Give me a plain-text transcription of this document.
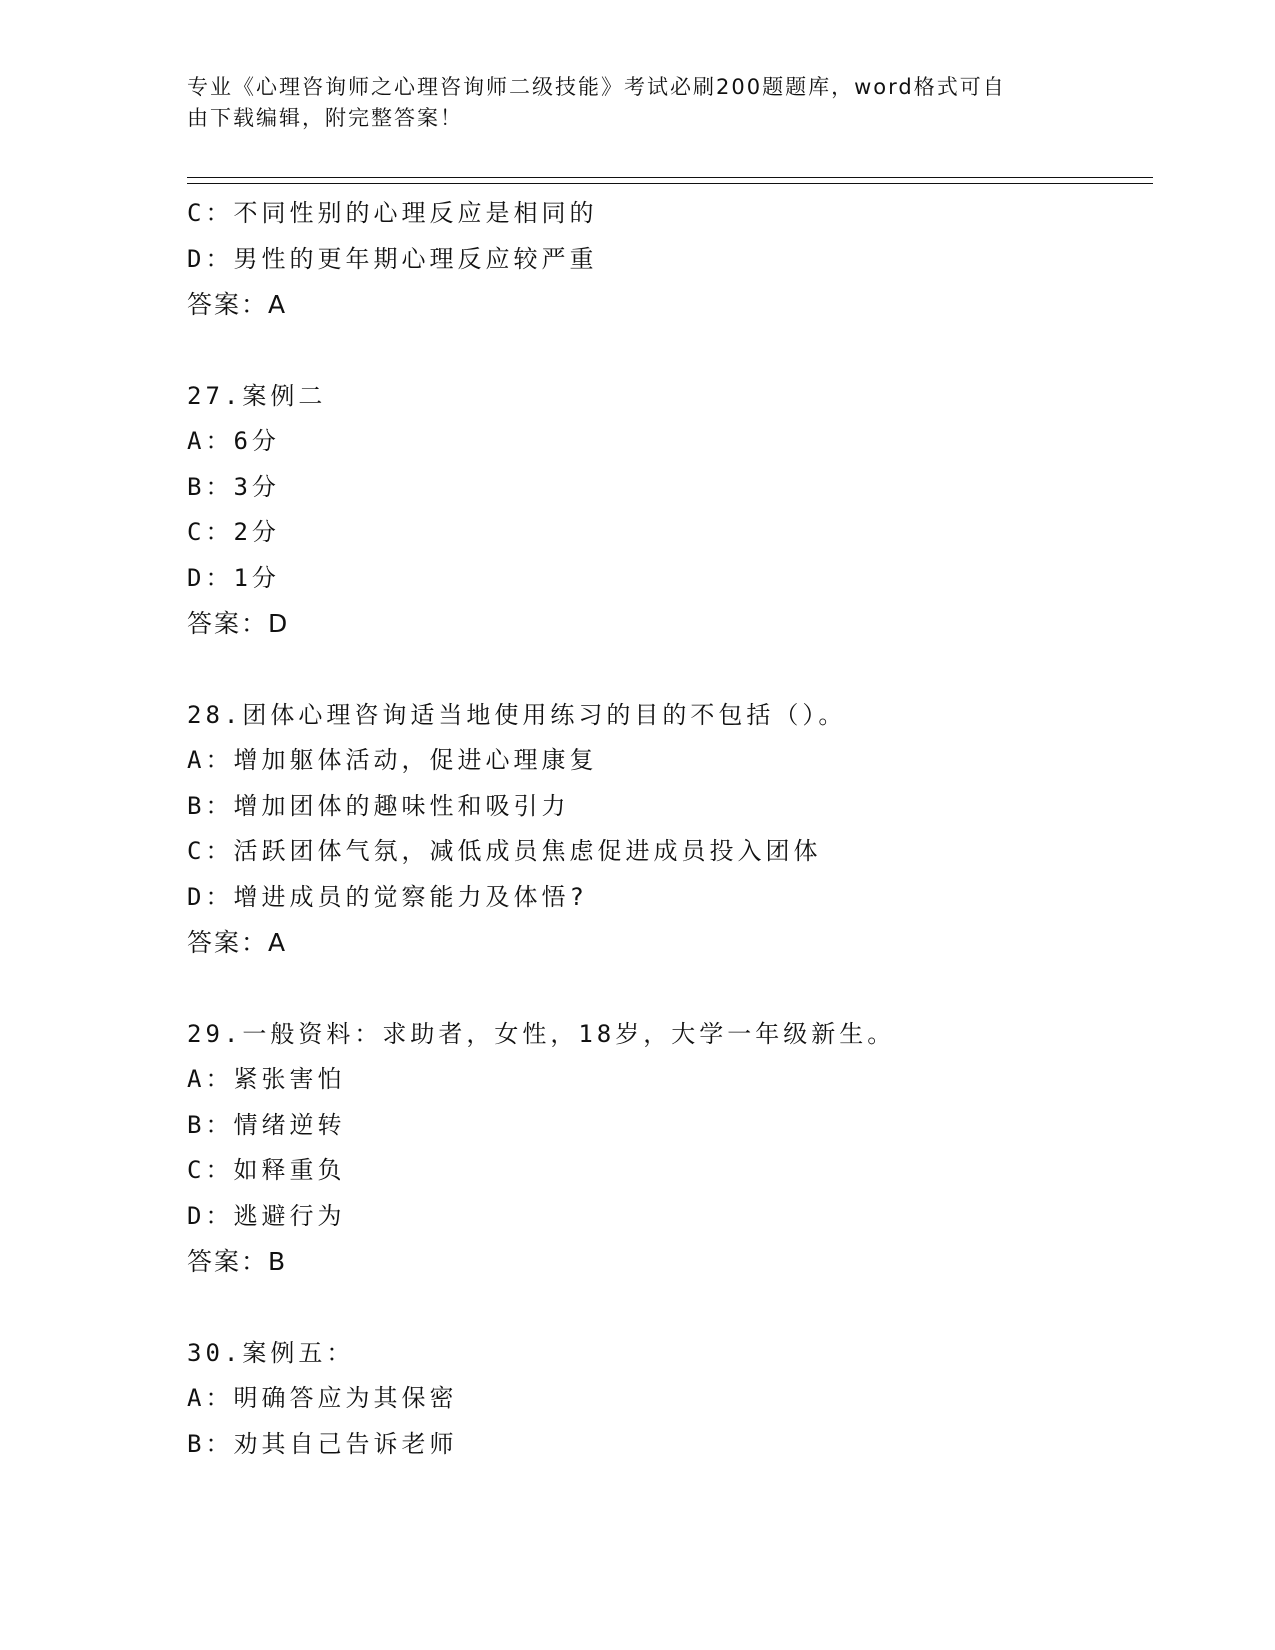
专业《心理咨询师之心理咨询师二级技能》考试必刷200题题库，word格式可自
由下载编辑，附完整答案！
C：不同性别的心理反应是相同的
D：男性的更年期心理反应较严重
答案：A
27.案例二
A：6分
B：3分
C：2分
D：1分
答案：D
28.团体心理咨询适当地使用练习的目的不包括（）。
A：增加躯体活动，促进心理康复
B：增加团体的趣味性和吸引力
C：活跃团体气氛，减低成员焦虑促进成员投入团体
D：增进成员的觉察能力及体悟?
答案：A
29.一般资料：求助者，女性，18岁，大学一年级新生。
A：紧张害怕
B：情绪逆转
C：如释重负
D：逃避行为
答案：B
30.案例五：
A：明确答应为其保密
B：劝其自己告诉老师
